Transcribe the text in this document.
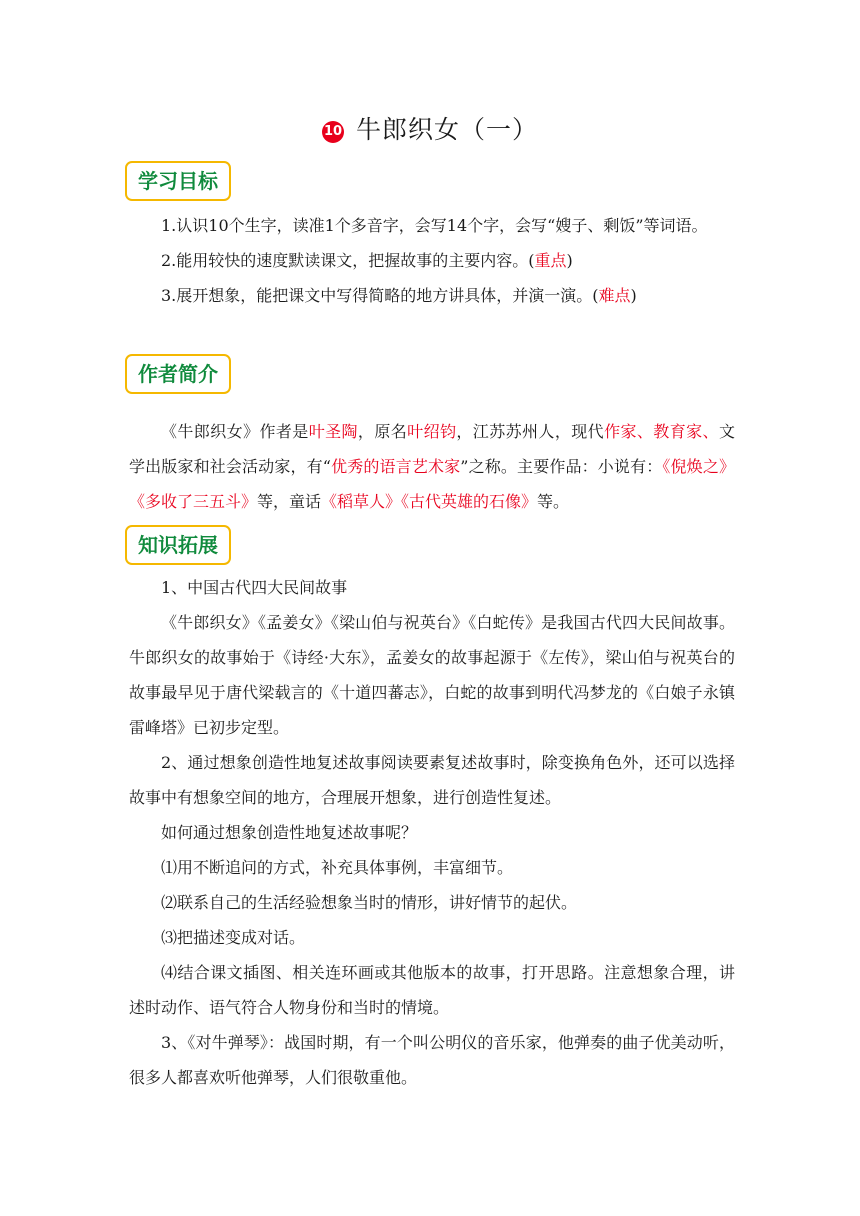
10 牛郎织女（一）
学习目标

1.认识10个生字，读准1个多音字，会写14个字，会写“嫂子、剩饭”等词语。

2.能用较快的速度默读课文，把握故事的主要内容。(重点)

3.展开想象，能把课文中写得简略的地方讲具体，并演一演。(难点)

作者简介

《牛郎织女》作者是叶圣陶，原名叶绍钧，江苏苏州人，现代作家、教育家、文学出版家和社会活动家，有“优秀的语言艺术家”之称。主要作品：小说有：《倪焕之》《多收了三五斗》等，童话《稻草人》《古代英雄的石像》等。

知识拓展

1、中国古代四大民间故事

《牛郎织女》《孟姜女》《梁山伯与祝英台》《白蛇传》是我国古代四大民间故事。牛郎织女的故事始于《诗经·大东》，孟姜女的故事起源于《左传》，梁山伯与祝英台的故事最早见于唐代梁载言的《十道四蕃志》，白蛇的故事到明代冯梦龙的《白娘子永镇雷峰塔》已初步定型。

2、通过想象创造性地复述故事阅读要素复述故事时，除变换角色外，还可以选择故事中有想象空间的地方，合理展开想象，进行创造性复述。

如何通过想象创造性地复述故事呢？

⑴用不断追问的方式，补充具体事例，丰富细节。

⑵联系自己的生活经验想象当时的情形，讲好情节的起伏。

⑶把描述变成对话。

⑷结合课文插图、相关连环画或其他版本的故事，打开思路。注意想象合理，讲述时动作、语气符合人物身份和当时的情境。

3、《对牛弹琴》：战国时期，有一个叫公明仪的音乐家，他弹奏的曲子优美动听，很多人都喜欢听他弹琴，人们很敬重他。
